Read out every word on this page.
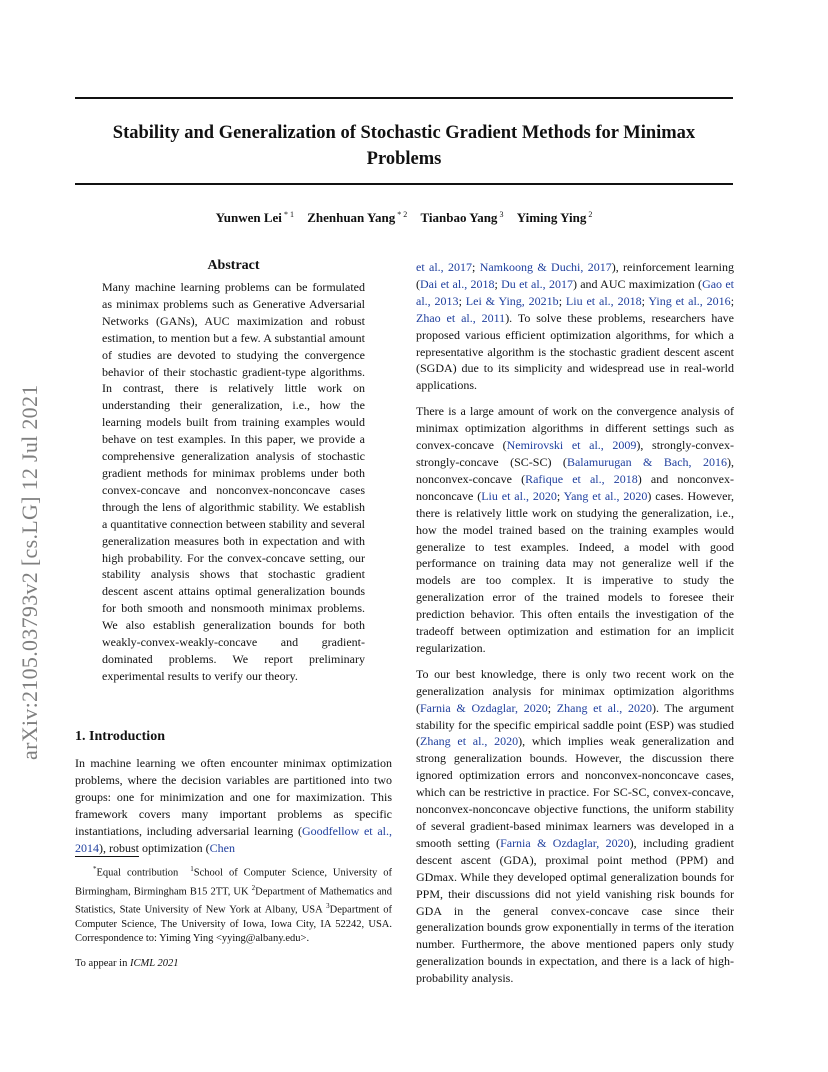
Stability and Generalization of Stochastic Gradient Methods for Minimax Problems

Yunwen Lei $^{* 1}$ Zhenhuan Yang $^{* 2}$ Tianbao Yang $^3$ Yiming Ying $^2$

arXiv:2105.03793v2 [cs.LG] 12 Jul 2021
Abstract

Many machine learning problems can be formulated as minimax problems such as Generative Adversarial Networks (GANs), AUC maximization and robust estimation, to mention but a few. A substantial amount of studies are devoted to studying the convergence behavior of their stochastic gradient-type algorithms. In contrast, there is relatively little work on understanding their generalization, i.e., how the learning models built from training examples would behave on test examples. In this paper, we provide a comprehensive generalization analysis of stochastic gradient methods for minimax problems under both convex-concave and nonconvex-nonconcave cases through the lens of algorithmic stability. We establish a quantitative connection between stability and several generalization measures both in expectation and with high probability. For the convex-concave setting, our stability analysis shows that stochastic gradient descent ascent attains optimal generalization bounds for both smooth and nonsmooth minimax problems. We also establish generalization bounds for both weakly-convex-weakly-concave and gradient-dominated problems. We report preliminary experimental results to verify our theory.

1. Introduction

In machine learning we often encounter minimax optimization problems, where the decision variables are partitioned into two groups: one for minimization and one for maximization. This framework covers many important problems as specific instantiations, including adversarial learning (Goodfellow et al., 2014), robust optimization (Chen

*Equal contribution $^1$School of Computer Science, University of Birmingham, Birmingham B15 2TT, UK $^2$Department of Mathematics and Statistics, State University of New York at Albany, USA $^3$Department of Computer Science, The University of Iowa, Iowa City, IA 52242, USA. Correspondence to: Yiming Ying <yying@albany.edu>.

To appear in ICML 2021

et al., 2017; Namkoong & Duchi, 2017), reinforcement learning (Dai et al., 2018; Du et al., 2017) and AUC maximization (Gao et al., 2013; Lei & Ying, 2021b; Liu et al., 2018; Ying et al., 2016; Zhao et al., 2011). To solve these problems, researchers have proposed various efficient optimization algorithms, for which a representative algorithm is the stochastic gradient descent ascent (SGDA) due to its simplicity and widespread use in real-world applications.

There is a large amount of work on the convergence analysis of minimax optimization algorithms in different settings such as convex-concave (Nemirovski et al., 2009), strongly-convex-strongly-concave (SC-SC) (Balamurugan & Bach, 2016), nonconvex-concave (Rafique et al., 2018) and nonconvex-nonconcave (Liu et al., 2020; Yang et al., 2020) cases. However, there is relatively little work on studying the generalization, i.e., how the model trained based on the training examples would generalize to test examples. Indeed, a model with good performance on training data may not generalize well if the models are too complex. It is imperative to study the generalization error of the trained models to foresee their prediction behavior. This often entails the investigation of the tradeoff between optimization and estimation for an implicit regularization.

To our best knowledge, there is only two recent work on the generalization analysis for minimax optimization algorithms (Farnia & Ozdaglar, 2020; Zhang et al., 2020). The argument stability for the specific empirical saddle point (ESP) was studied (Zhang et al., 2020), which implies weak generalization and strong generalization bounds. However, the discussion there ignored optimization errors and nonconvex-nonconcave cases, which can be restrictive in practice. For SC-SC, convex-concave, nonconvex-nonconcave objective functions, the uniform stability of several gradient-based minimax learners was developed in a smooth setting (Farnia & Ozdaglar, 2020), including gradient descent ascent (GDA), proximal point method (PPM) and GDmax. While they developed optimal generalization bounds for PPM, their discussions did not yield vanishing risk bounds for GDA in the general convex-concave case since their generalization bounds grow exponentially in terms of the iteration number. Furthermore, the above mentioned papers only study generalization bounds in expectation, and there is a lack of high-probability analysis.
